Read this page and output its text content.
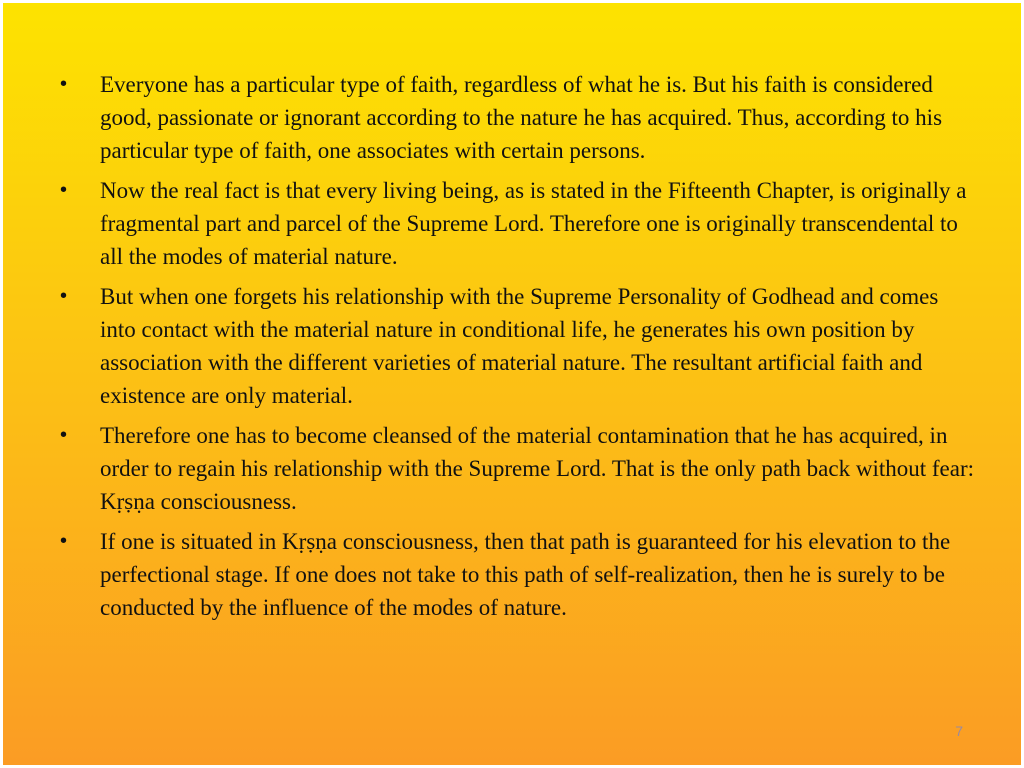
• Everyone has a particular type of faith, regardless of what he is. But his faith is considered good, passionate or ignorant according to the nature he has acquired. Thus, according to his particular type of faith, one associates with certain persons.
• Now the real fact is that every living being, as is stated in the Fifteenth Chapter, is originally a fragmental part and parcel of the Supreme Lord. Therefore one is originally transcendental to all the modes of material nature.
• But when one forgets his relationship with the Supreme Personality of Godhead and comes into contact with the material nature in conditional life, he generates his own position by association with the different varieties of material nature. The resultant artificial faith and existence are only material.
• Therefore one has to become cleansed of the material contamination that he has acquired, in order to regain his relationship with the Supreme Lord. That is the only path back without fear: Kṛṣṇa consciousness.
• If one is situated in Kṛṣṇa consciousness, then that path is guaranteed for his elevation to the perfectional stage. If one does not take to this path of self-realization, then he is surely to be conducted by the influence of the modes of nature.
7
